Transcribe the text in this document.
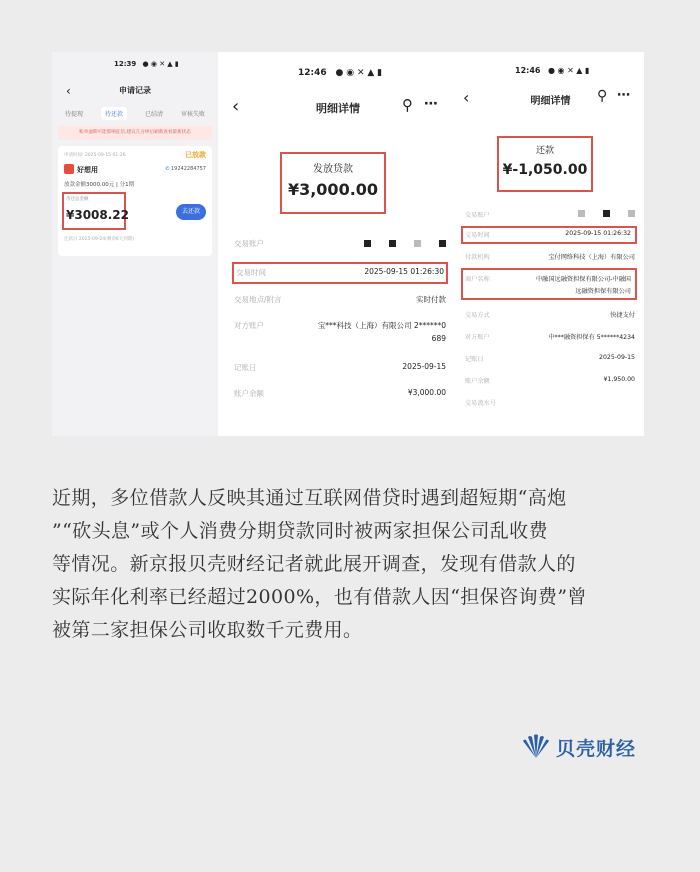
12:39 ● ◉ ✕ ▲ ▮
‹	申请记录
待提现	待还款	已结清	审核失败
账单逾期可能影响征信,建议几分钟后刷新查看最新状态
申请时间: 2025-09-15 01:26	已放款
好想用	✆ 19242284757
放款金额3000.00元 | 分1期
待还总金额
¥3008.22	去还款
还款日 2025-09-24(剩余6天到期)
12:46 ● ◉ ✕ ▲ ▮
‹	明细详情	⚲ ⋯
发放贷款
¥3,000.00
交易账户
交易时间	2025-09-15 01:26:30
交易地点/附言	实时付款
对方账户	宝***科技（上海）有限公司 2******0
689
记账日	2025-09-15
账户余额	¥3,000.00
12:46 ● ◉ ✕ ▲ ▮
‹	明细详情	⚲ ⋯
还款
¥-1,050.00
交易账户
交易时间	2025-09-15 01:26:32
付款机构	宝付网络科技（上海）有限公司
商户名称	中融国远融资担保有限公司-中融国
远融资担保有限公司
交易方式	快捷支付
对方账户	中***融资担保有 5******4234
记账日	2025-09-15
账户余额	¥1,950.00
交易流水号
近期，多位借款人反映其通过互联网借贷时遇到超短期“高炮
”“砍头息”或个人消费分期贷款同时被两家担保公司乱收费
等情况。新京报贝壳财经记者就此展开调查，发现有借款人的
实际年化利率已经超过2000%，也有借款人因“担保咨询费”曾
被第二家担保公司收取数千元费用。
贝壳财经
